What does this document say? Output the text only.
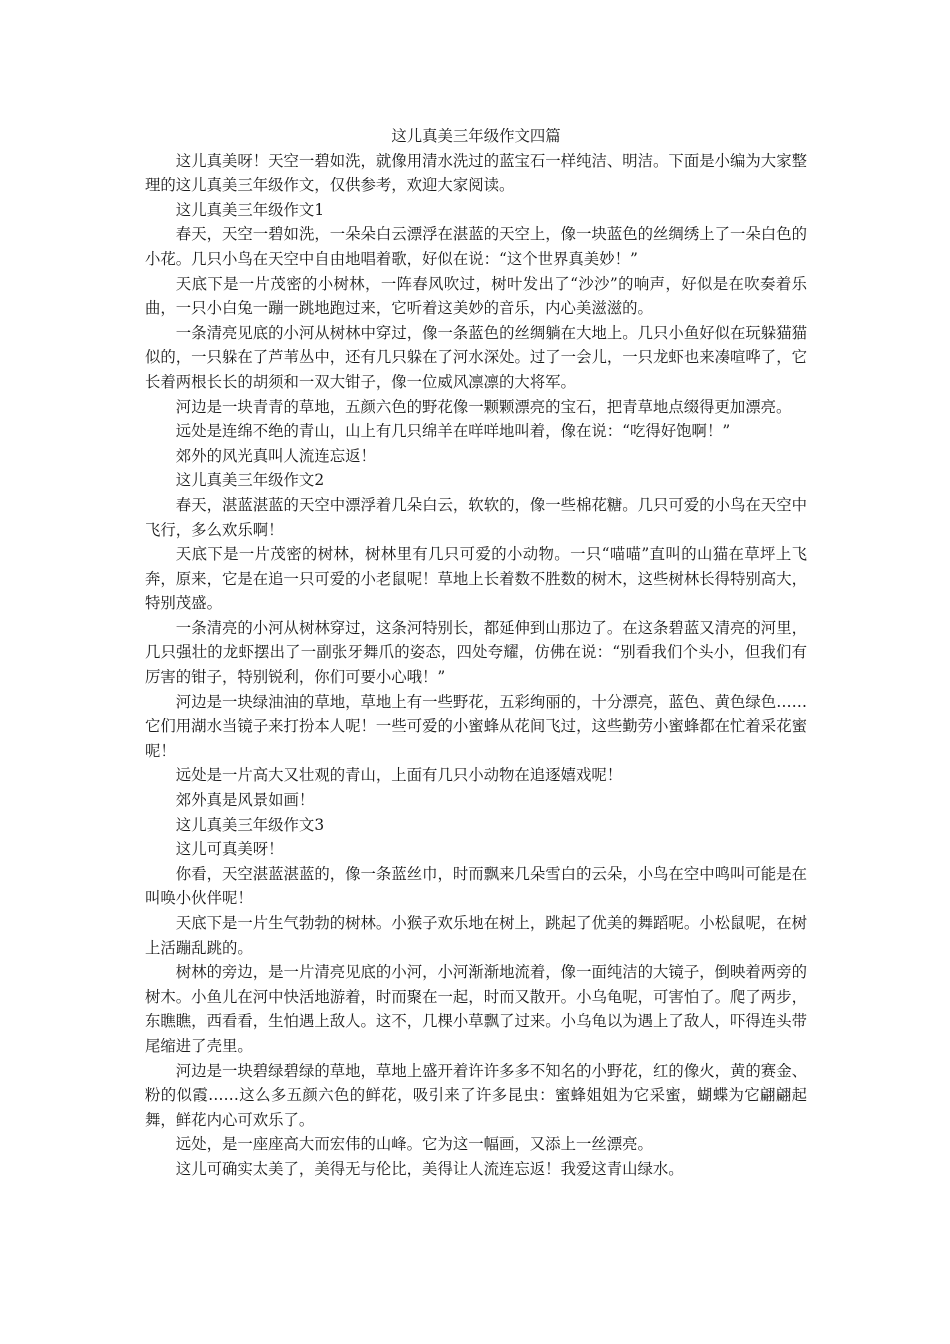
这儿真美三年级作文四篇
这儿真美呀！天空一碧如洗，就像用清水洗过的蓝宝石一样纯洁、明洁。下面是小编为大家整理的这儿真美三年级作文，仅供参考，欢迎大家阅读。
这儿真美三年级作文1
春天，天空一碧如洗，一朵朵白云漂浮在湛蓝的天空上，像一块蓝色的丝绸绣上了一朵白色的小花。几只小鸟在天空中自由地唱着歌，好似在说：“这个世界真美妙！”
天底下是一片茂密的小树林，一阵春风吹过，树叶发出了“沙沙”的响声，好似是在吹奏着乐曲，一只小白兔一蹦一跳地跑过来，它听着这美妙的音乐，内心美滋滋的。
一条清亮见底的小河从树林中穿过，像一条蓝色的丝绸躺在大地上。几只小鱼好似在玩躲猫猫似的，一只躲在了芦苇丛中，还有几只躲在了河水深处。过了一会儿，一只龙虾也来凑喧哗了，它长着两根长长的胡须和一双大钳子，像一位威风凛凛的大将军。
河边是一块青青的草地，五颜六色的野花像一颗颗漂亮的宝石，把青草地点缀得更加漂亮。
远处是连绵不绝的青山，山上有几只绵羊在咩咩地叫着，像在说：“吃得好饱啊！”
郊外的风光真叫人流连忘返！
这儿真美三年级作文2
春天，湛蓝湛蓝的天空中漂浮着几朵白云，软软的，像一些棉花糖。几只可爱的小鸟在天空中飞行，多么欢乐啊！
天底下是一片茂密的树林，树林里有几只可爱的小动物。一只“喵喵”直叫的山猫在草坪上飞奔，原来，它是在追一只可爱的小老鼠呢！草地上长着数不胜数的树木，这些树林长得特别高大，特别茂盛。
一条清亮的小河从树林穿过，这条河特别长，都延伸到山那边了。在这条碧蓝又清亮的河里，几只强壮的龙虾摆出了一副张牙舞爪的姿态，四处夸耀，仿佛在说：“别看我们个头小，但我们有厉害的钳子，特别锐利，你们可要小心哦！”
河边是一块绿油油的草地，草地上有一些野花，五彩绚丽的，十分漂亮，蓝色、黄色绿色……它们用湖水当镜子来打扮本人呢！一些可爱的小蜜蜂从花间飞过，这些勤劳小蜜蜂都在忙着采花蜜呢！
远处是一片高大又壮观的青山，上面有几只小动物在追逐嬉戏呢！
郊外真是风景如画！
这儿真美三年级作文3
这儿可真美呀！
你看，天空湛蓝湛蓝的，像一条蓝丝巾，时而飘来几朵雪白的云朵，小鸟在空中鸣叫可能是在叫唤小伙伴呢！
天底下是一片生气勃勃的树林。小猴子欢乐地在树上，跳起了优美的舞蹈呢。小松鼠呢，在树上活蹦乱跳的。
树林的旁边，是一片清亮见底的小河，小河渐渐地流着，像一面纯洁的大镜子，倒映着两旁的树木。小鱼儿在河中快活地游着，时而聚在一起，时而又散开。小乌龟呢，可害怕了。爬了两步，东瞧瞧，西看看，生怕遇上敌人。这不，几棵小草飘了过来。小乌龟以为遇上了敌人，吓得连头带尾缩进了壳里。
河边是一块碧绿碧绿的草地，草地上盛开着许许多多不知名的小野花，红的像火，黄的赛金、粉的似霞……这么多五颜六色的鲜花，吸引来了许多昆虫：蜜蜂姐姐为它采蜜，蝴蝶为它翩翩起舞，鲜花内心可欢乐了。
远处，是一座座高大而宏伟的山峰。它为这一幅画，又添上一丝漂亮。
这儿可确实太美了，美得无与伦比，美得让人流连忘返！我爱这青山绿水。
